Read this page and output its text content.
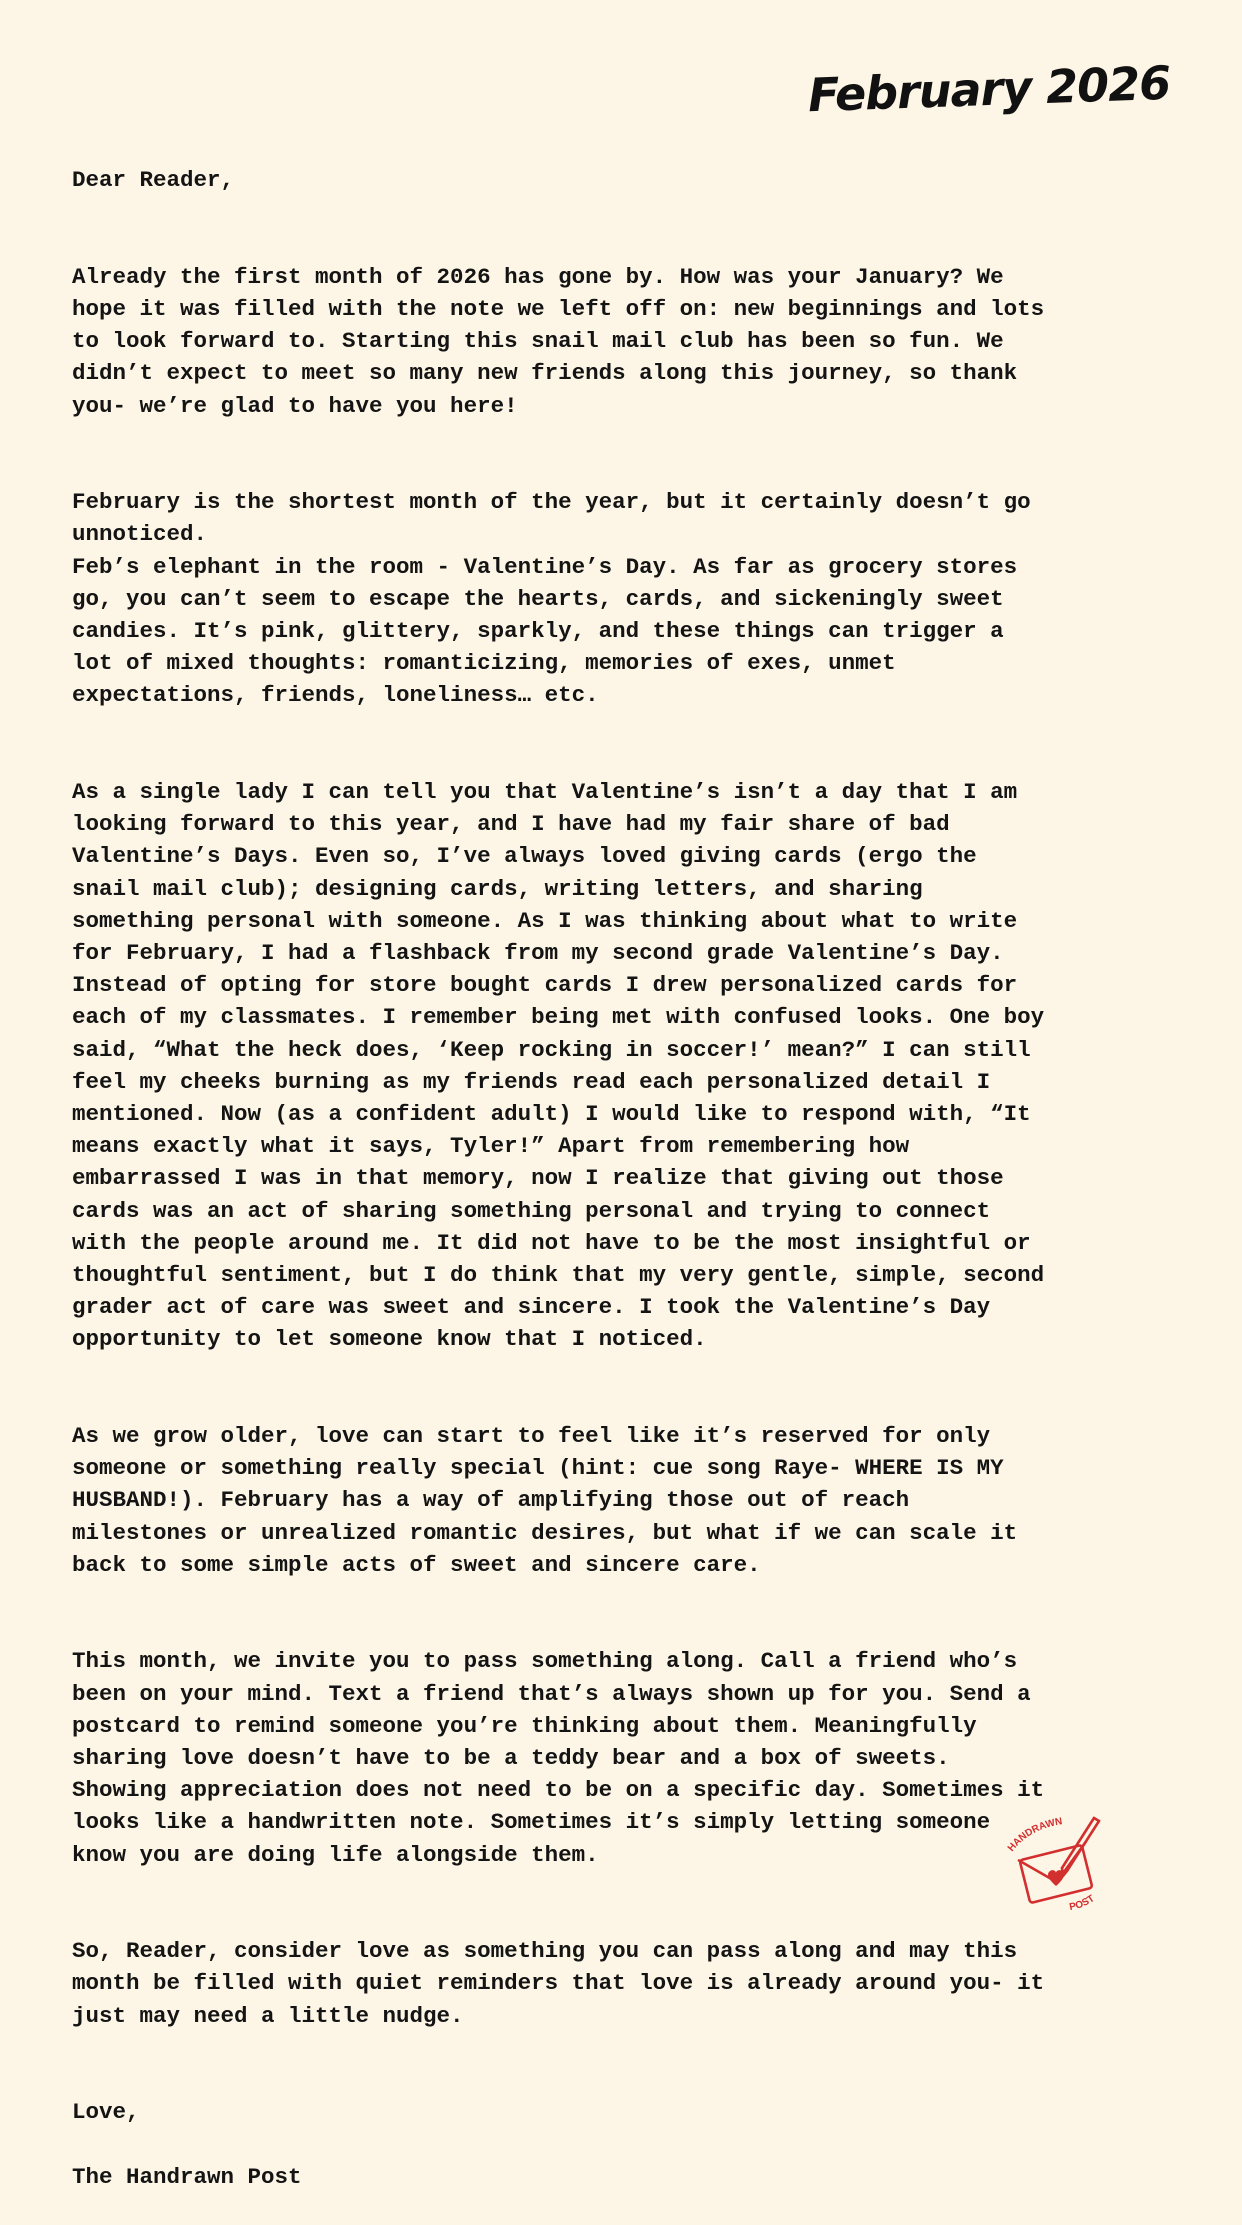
February 2026

Dear Reader,

Already the first month of 2026 has gone by. How was your January? We
hope it was filled with the note we left off on: new beginnings and lots
to look forward to. Starting this snail mail club has been so fun. We
didn’t expect to meet so many new friends along this journey, so thank
you- we’re glad to have you here!

February is the shortest month of the year, but it certainly doesn’t go
unnoticed.
Feb’s elephant in the room - Valentine’s Day. As far as grocery stores
go, you can’t seem to escape the hearts, cards, and sickeningly sweet
candies. It’s pink, glittery, sparkly, and these things can trigger a
lot of mixed thoughts: romanticizing, memories of exes, unmet
expectations, friends, loneliness… etc.

As a single lady I can tell you that Valentine’s isn’t a day that I am
looking forward to this year, and I have had my fair share of bad
Valentine’s Days. Even so, I’ve always loved giving cards (ergo the
snail mail club); designing cards, writing letters, and sharing
something personal with someone. As I was thinking about what to write
for February, I had a flashback from my second grade Valentine’s Day.
Instead of opting for store bought cards I drew personalized cards for
each of my classmates. I remember being met with confused looks. One boy
said, “What the heck does, ‘Keep rocking in soccer!’ mean?” I can still
feel my cheeks burning as my friends read each personalized detail I
mentioned. Now (as a confident adult) I would like to respond with, “It
means exactly what it says, Tyler!” Apart from remembering how
embarrassed I was in that memory, now I realize that giving out those
cards was an act of sharing something personal and trying to connect
with the people around me. It did not have to be the most insightful or
thoughtful sentiment, but I do think that my very gentle, simple, second
grader act of care was sweet and sincere. I took the Valentine’s Day
opportunity to let someone know that I noticed.

As we grow older, love can start to feel like it’s reserved for only
someone or something really special (hint: cue song Raye- WHERE IS MY
HUSBAND!). February has a way of amplifying those out of reach
milestones or unrealized romantic desires, but what if we can scale it
back to some simple acts of sweet and sincere care.

This month, we invite you to pass something along. Call a friend who’s
been on your mind. Text a friend that’s always shown up for you. Send a
postcard to remind someone you’re thinking about them. Meaningfully
sharing love doesn’t have to be a teddy bear and a box of sweets.
Showing appreciation does not need to be on a specific day. Sometimes it
looks like a handwritten note. Sometimes it’s simply letting someone
know you are doing life alongside them.

So, Reader, consider love as something you can pass along and may this
month be filled with quiet reminders that love is already around you- it
just may need a little nudge.

Love,

The Handrawn Post

HANDRAWN
POST
